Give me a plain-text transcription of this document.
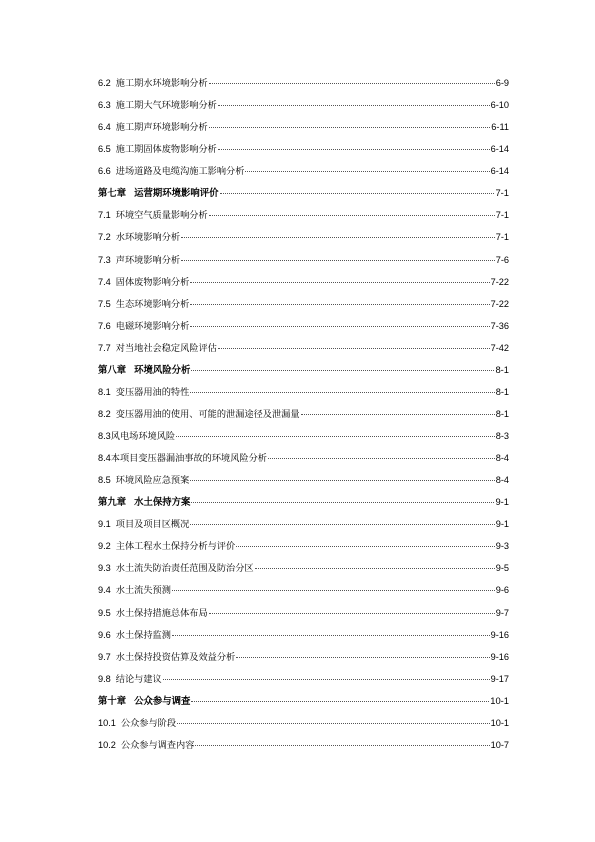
6.2 施工期水环境影响分析	6-9
6.3 施工期大气环境影响分析	6-10
6.4 施工期声环境影响分析	6-11
6.5 施工期固体废物影响分析	6-14
6.6 进场道路及电缆沟施工影响分析	6-14
第七章 运营期环境影响评价	7-1
7.1 环境空气质量影响分析	7-1
7.2 水环境影响分析	7-1
7.3 声环境影响分析	7-6
7.4 固体废物影响分析	7-22
7.5 生态环境影响分析	7-22
7.6 电磁环境影响分析	7-36
7.7 对当地社会稳定风险评估	7-42
第八章 环境风险分析	8-1
8.1 变压器用油的特性	8-1
8.2 变压器用油的使用、可能的泄漏途径及泄漏量	8-1
8.3 风电场环境风险	8-3
8.4 本项目变压器漏油事故的环境风险分析	8-4
8.5 环境风险应急预案	8-4
第九章 水土保持方案	9-1
9.1 项目及项目区概况	9-1
9.2 主体工程水土保持分析与评价	9-3
9.3 水土流失防治责任范围及防治分区	9-5
9.4 水土流失预测	9-6
9.5 水土保持措施总体布局	9-7
9.6 水土保持监测	9-16
9.7 水土保持投资估算及效益分析	9-16
9.8 结论与建议	9-17
第十章 公众参与调查	10-1
10.1 公众参与阶段	10-1
10.2 公众参与调查内容	10-7
